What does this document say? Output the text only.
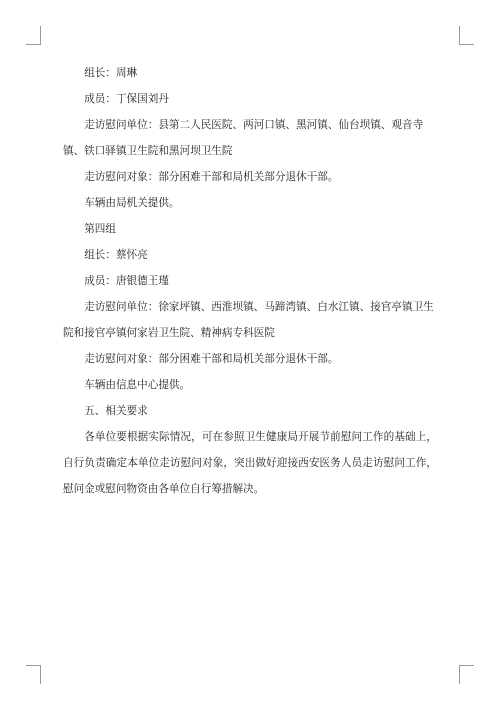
组长：周琳

成员：丁保国刘丹

走访慰问单位：县第二人民医院、两河口镇、黑河镇、仙台坝镇、观音寺镇、铁口驿镇卫生院和黑河坝卫生院

走访慰问对象：部分困难干部和局机关部分退休干部。

车辆由局机关提供。

第四组

组长：蔡怀亮

成员：唐银德王瑾

走访慰问单位：徐家坪镇、西淮坝镇、马蹄湾镇、白水江镇、接官亭镇卫生院和接官亭镇何家岩卫生院、精神病专科医院

走访慰问对象：部分困难干部和局机关部分退休干部。

车辆由信息中心提供。

五、相关要求

各单位要根据实际情况，可在参照卫生健康局开展节前慰问工作的基础上，自行负责确定本单位走访慰问对象，突出做好迎接西安医务人员走访慰问工作，慰问金或慰问物资由各单位自行筹措解决。
